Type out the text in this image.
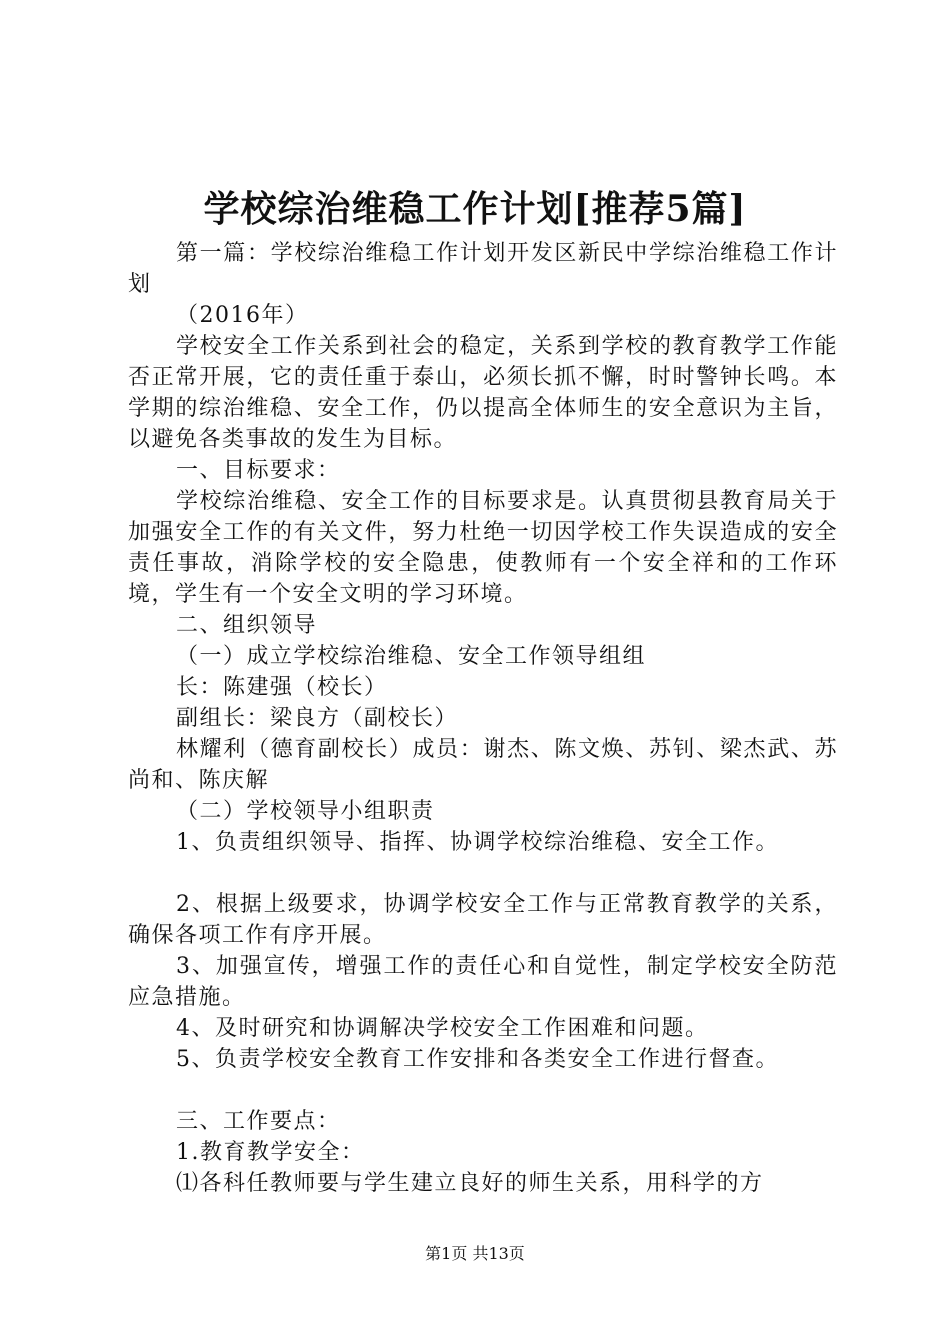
学校综治维稳工作计划[推荐5篇]

第一篇：学校综治维稳工作计划开发区新民中学综治维稳工作计划

（2016年）

学校安全工作关系到社会的稳定，关系到学校的教育教学工作能否正常开展，它的责任重于泰山，必须长抓不懈，时时警钟长鸣。本学期的综治维稳、安全工作，仍以提高全体师生的安全意识为主旨，以避免各类事故的发生为目标。

一、目标要求：

学校综治维稳、安全工作的目标要求是。认真贯彻县教育局关于加强安全工作的有关文件，努力杜绝一切因学校工作失误造成的安全责任事故，消除学校的安全隐患，使教师有一个安全祥和的工作环境，学生有一个安全文明的学习环境。

二、组织领导

（一）成立学校综治维稳、安全工作领导组组

长：陈建强（校长）

副组长：梁良方（副校长）

林耀利（德育副校长）成员：谢杰、陈文焕、苏钊、梁杰武、苏尚和、陈庆解

（二）学校领导小组职责

1、负责组织领导、指挥、协调学校综治维稳、安全工作。

2、根据上级要求，协调学校安全工作与正常教育教学的关系，确保各项工作有序开展。

3、加强宣传，增强工作的责任心和自觉性，制定学校安全防范应急措施。

4、及时研究和协调解决学校安全工作困难和问题。

5、负责学校安全教育工作安排和各类安全工作进行督查。

三、工作要点：

1.教育教学安全：

⑴各科任教师要与学生建立良好的师生关系，用科学的方

第1页 共13页
